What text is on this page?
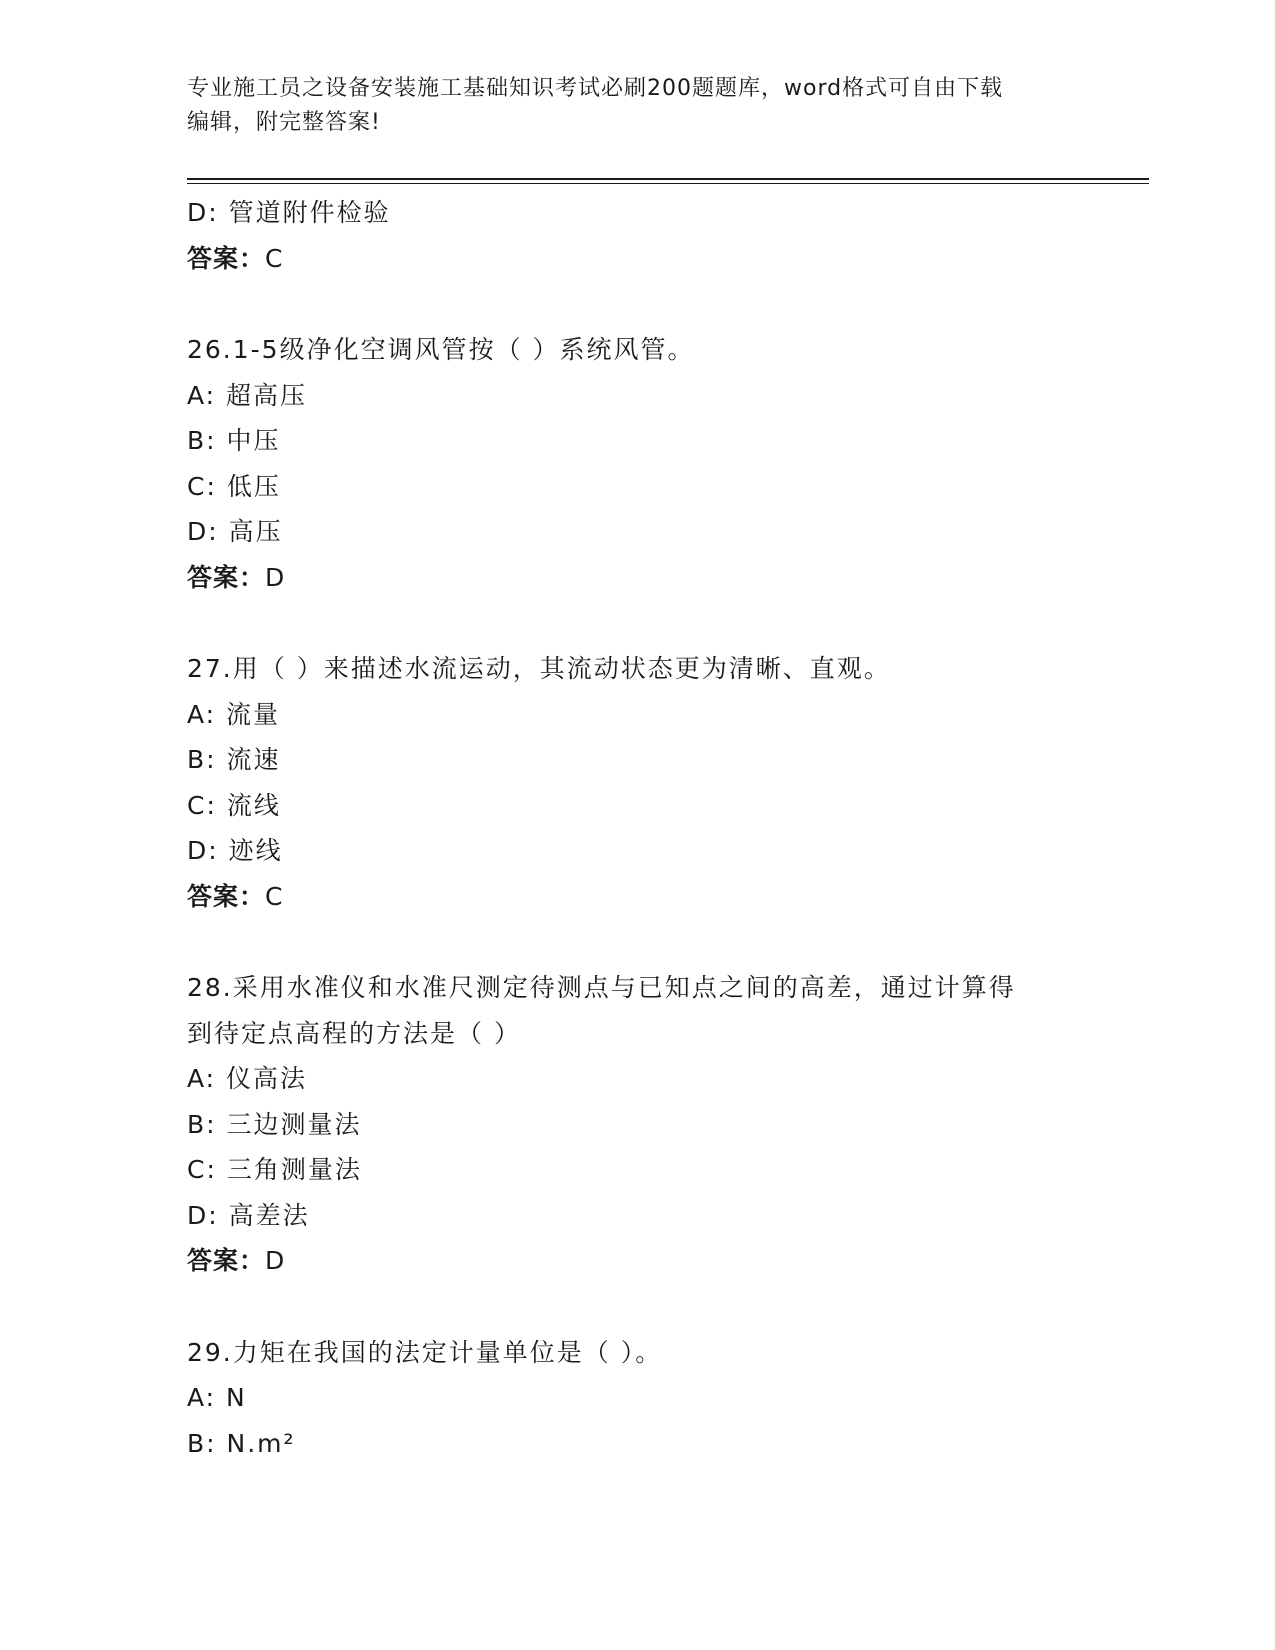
专业施工员之设备安装施工基础知识考试必刷200题题库，word格式可自由下载
编辑，附完整答案!
D: 管道附件检验
答案：C
26.1-5级净化空调风管按（ ）系统风管。
A: 超高压
B: 中压
C: 低压
D: 高压
答案：D
27.用（ ）来描述水流运动，其流动状态更为清晰、直观。
A: 流量
B: 流速
C: 流线
D: 迹线
答案：C
28.采用水准仪和水准尺测定待测点与已知点之间的高差，通过计算得
到待定点高程的方法是（ ）
A: 仪高法
B: 三边测量法
C: 三角测量法
D: 高差法
答案：D
29.力矩在我国的法定计量单位是（ ）。
A: N
B: N.m²
